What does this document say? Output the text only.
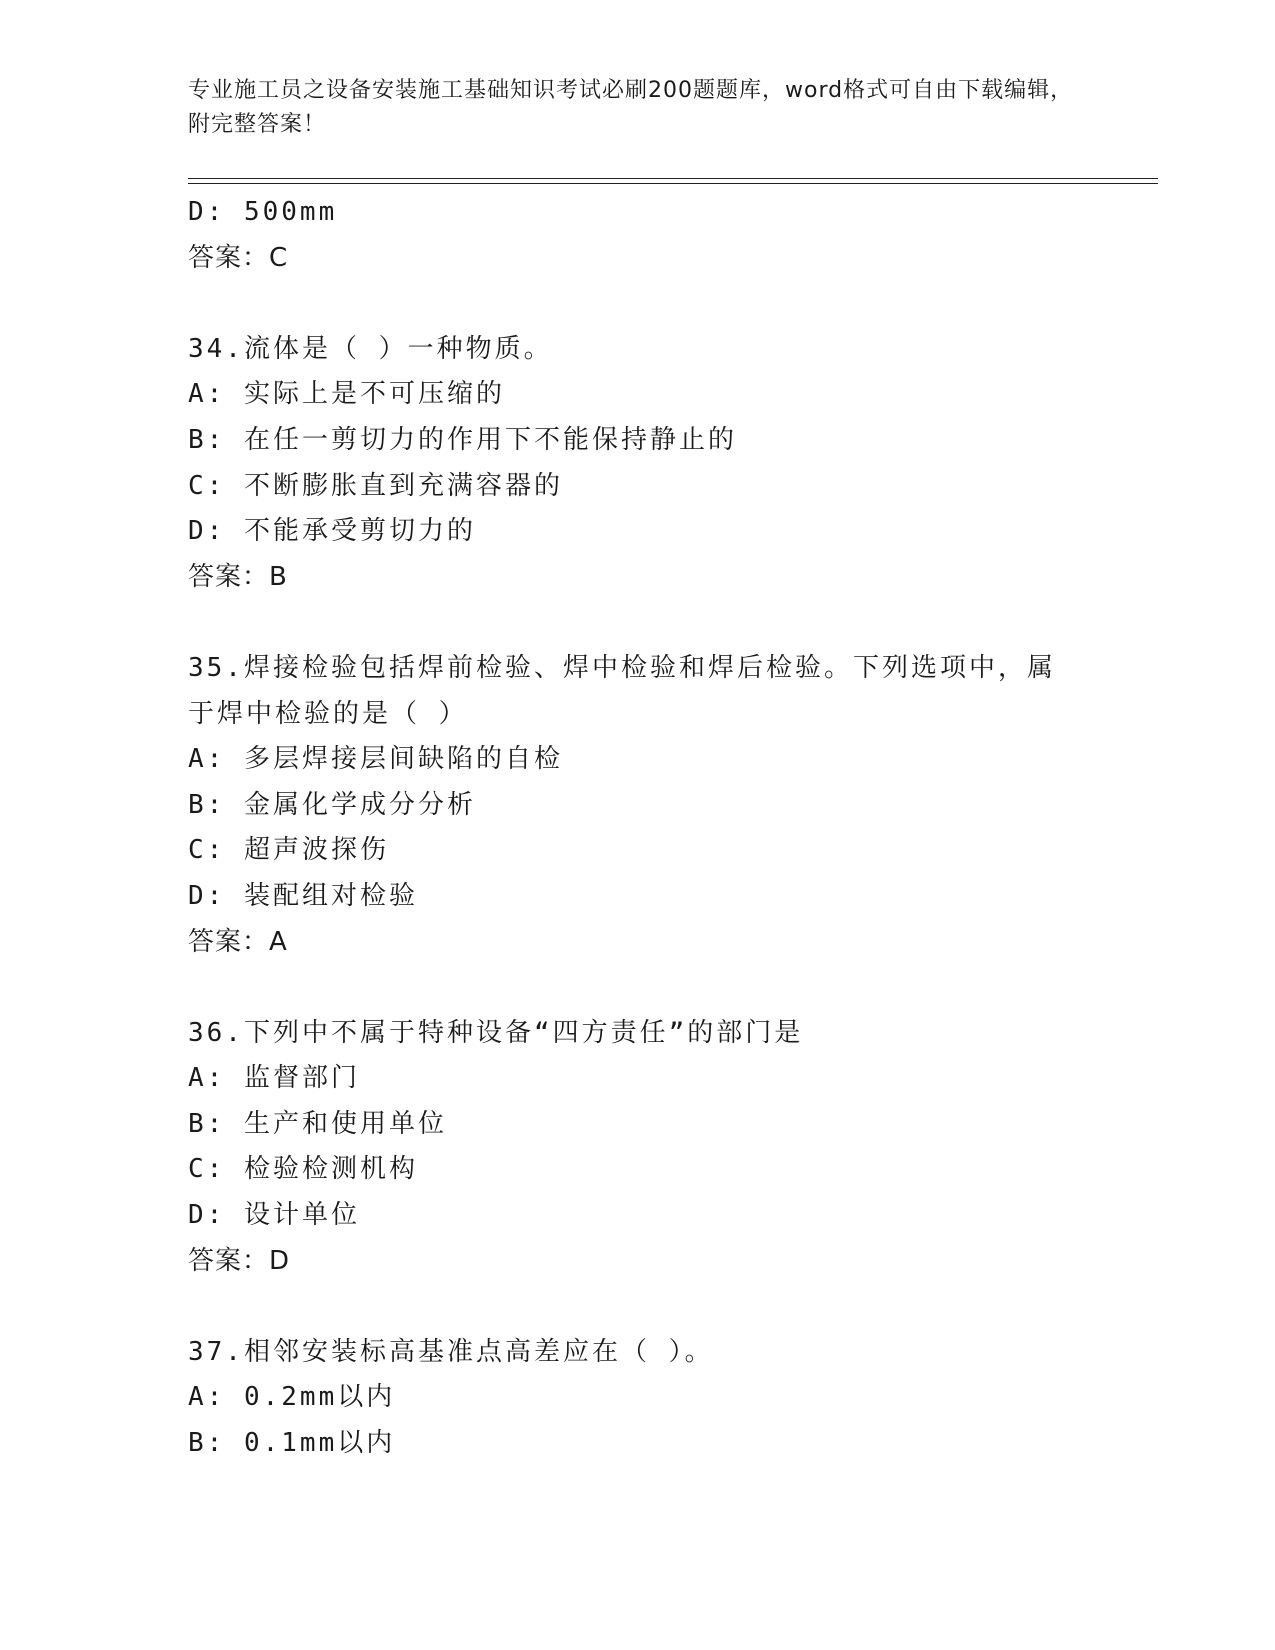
专业施工员之设备安装施工基础知识考试必刷200题题库，word格式可自由下载编辑，附完整答案！
D: 500mm
答案：C
34.流体是（ ）一种物质。
A: 实际上是不可压缩的
B: 在任一剪切力的作用下不能保持静止的
C: 不断膨胀直到充满容器的
D: 不能承受剪切力的
答案：B
35.焊接检验包括焊前检验、焊中检验和焊后检验。下列选项中，属于焊中检验的是（ ）
A: 多层焊接层间缺陷的自检
B: 金属化学成分分析
C: 超声波探伤
D: 装配组对检验
答案：A
36.下列中不属于特种设备“四方责任”的部门是
A: 监督部门
B: 生产和使用单位
C: 检验检测机构
D: 设计单位
答案：D
37.相邻安装标高基准点高差应在（ ）。
A: 0.2mm以内
B: 0.1mm以内
